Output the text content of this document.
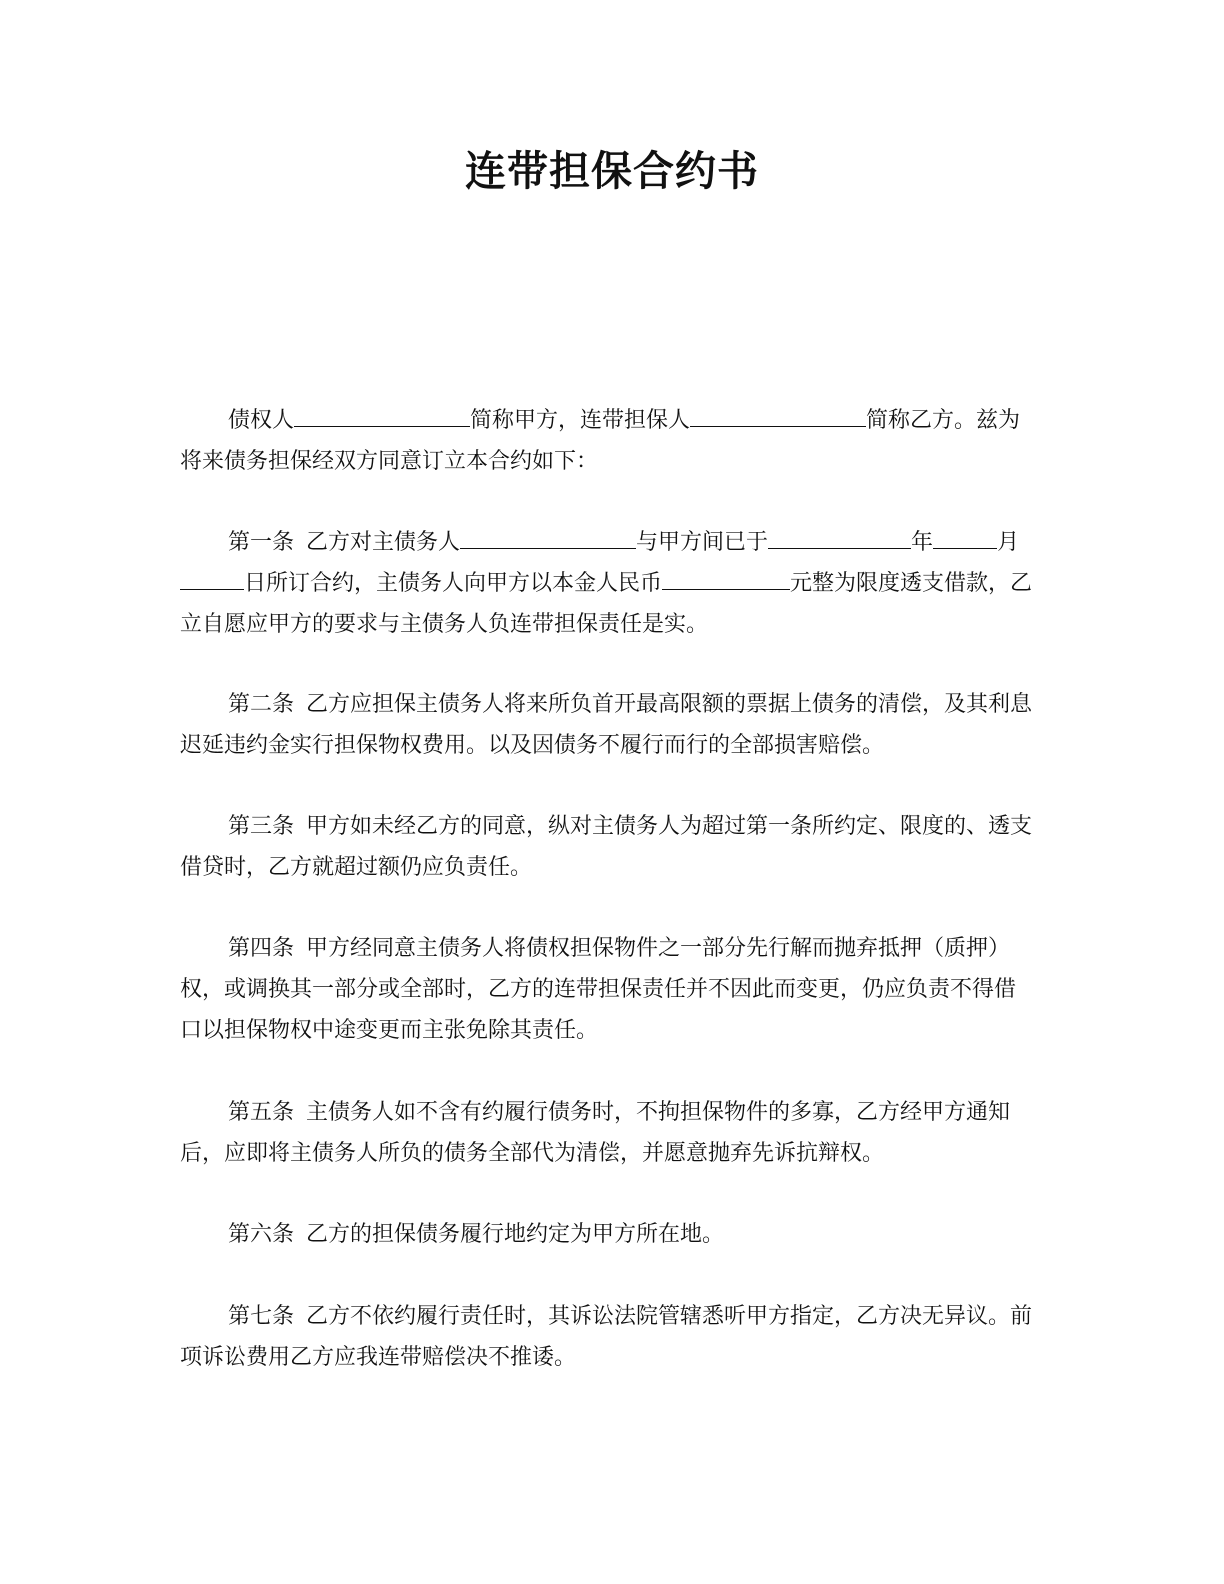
连带担保合约书

债权人	简称甲方，连带担保人	简称乙方。兹为将来债务担保经双方同意订立本合约如下：

第一条 乙方对主债务人	与甲方间已于	年	月日所订合约，主债务人向甲方以本金人民币	元整为限度透支借款，乙立自愿应甲方的要求与主债务人负连带担保责任是实。

第二条 乙方应担保主债务人将来所负首开最高限额的票据上债务的清偿，及其利息迟延违约金实行担保物权费用。以及因债务不履行而行的全部损害赔偿。

第三条 甲方如未经乙方的同意，纵对主债务人为超过第一条所约定、限度的、透支借贷时，乙方就超过额仍应负责任。

第四条 甲方经同意主债务人将债权担保物件之一部分先行解而抛弃抵押（质押）权，或调换其一部分或全部时，乙方的连带担保责任并不因此而变更，仍应负责不得借口以担保物权中途变更而主张免除其责任。

第五条 主债务人如不含有约履行债务时，不拘担保物件的多寡，乙方经甲方通知后，应即将主债务人所负的债务全部代为清偿，并愿意抛弃先诉抗辩权。

第六条 乙方的担保债务履行地约定为甲方所在地。

第七条 乙方不依约履行责任时，其诉讼法院管辖悉听甲方指定，乙方决无异议。前项诉讼费用乙方应我连带赔偿决不推诿。
